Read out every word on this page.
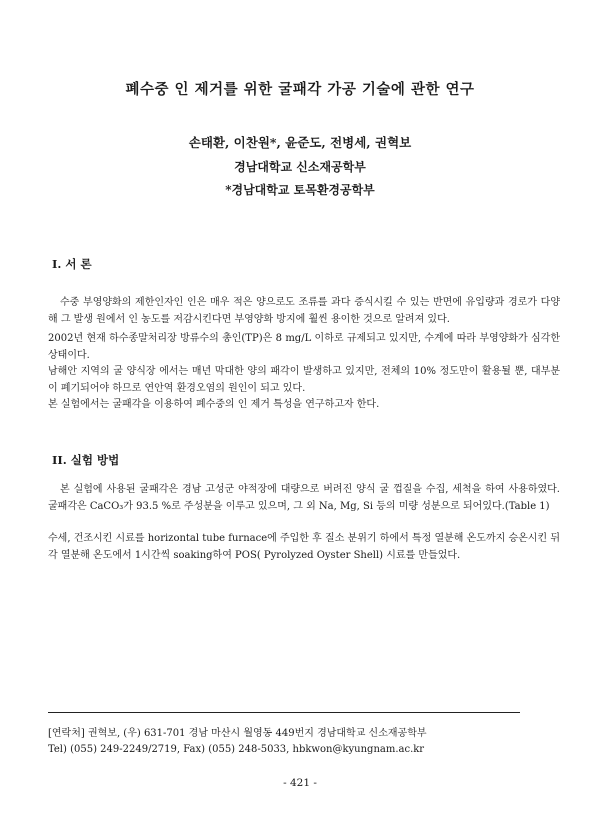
폐수중 인 제거를 위한 굴패각 가공 기술에 관한 연구
손태환, 이찬원*, 윤준도, 전병세, 권혁보
경남대학교 신소재공학부
*경남대학교 토목환경공학부
I. 서 론
수중 부영양화의 제한인자인 인은 매우 적은 양으로도 조류를 과다 증식시킬 수 있는 반면에 유입량과 경로가 다양해 그 발생 원에서 인 농도를 저감시킨다면 부영양화 방지에 훨씬 용이한 것으로 알려져 있다.
2002년 현재 하수종말처리장 방류수의 총인(TP)은 8 mg/L 이하로 규제되고 있지만, 수계에 따라 부영양화가 심각한 상태이다.
남해안 지역의 굴 양식장 에서는 매년 막대한 양의 패각이 발생하고 있지만, 전체의 10% 정도만이 활용될 뿐, 대부분이 폐기되어야 하므로 연안역 환경오염의 원인이 되고 있다.
본 실험에서는 굴패각을 이용하여 폐수중의 인 제거 특성을 연구하고자 한다.
II. 실험 방법
본 실험에 사용된 굴패각은 경남 고성군 야적장에 대량으로 버려진 양식 굴 껍질을 수집, 세척을 하여 사용하였다. 굴패각은 CaCO₃가 93.5 %로 주성분을 이루고 있으며, 그 외 Na, Mg, Si 등의 미량 성분으로 되어있다.(Table 1)
수세, 건조시킨 시료를 horizontal tube furnace에 주입한 후 질소 분위기 하에서 특정 열분해 온도까지 승온시킨 뒤 각 열분해 온도에서 1시간씩 soaking하여 POS( Pyrolyzed Oyster Shell) 시료를 만들었다.
[연락처] 권혁보, (우) 631-701 경남 마산시 월영동 449번지 경남대학교 신소재공학부
Tel) (055) 249-2249/2719, Fax) (055) 248-5033, hbkwon@kyungnam.ac.kr
- 421 -
